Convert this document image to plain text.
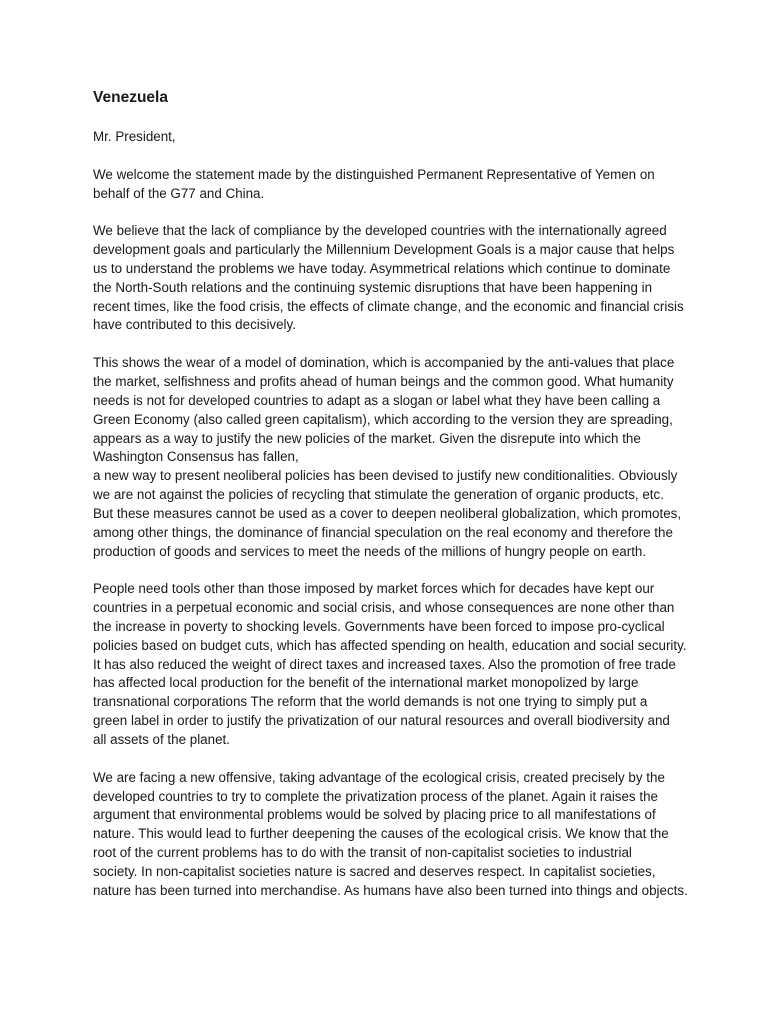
Venezuela
Mr. President,
We welcome the statement made by the distinguished Permanent Representative of Yemen on
behalf of the G77 and China.
We believe that the lack of compliance by the developed countries with the internationally agreed
development goals and particularly the Millennium Development Goals is a major cause that helps
us to understand the problems we have today. Asymmetrical relations which continue to dominate
the North-South relations and the continuing systemic disruptions that have been happening in
recent times, like the food crisis, the effects of climate change, and the economic and financial crisis
have contributed to this decisively.
This shows the wear of a model of domination, which is accompanied by the anti-values that place
the market, selfishness and profits ahead of human beings and the common good. What humanity
needs is not for developed countries to adapt as a slogan or label what they have been calling a
Green Economy (also called green capitalism), which according to the version they are spreading,
appears as a way to justify the new policies of the market. Given the disrepute into which the
Washington Consensus has fallen,
a new way to present neoliberal policies has been devised to justify new conditionalities. Obviously
we are not against the policies of recycling that stimulate the generation of organic products, etc.
But these measures cannot be used as a cover to deepen neoliberal globalization, which promotes,
among other things, the dominance of financial speculation on the real economy and therefore the
production of goods and services to meet the needs of the millions of hungry people on earth.
People need tools other than those imposed by market forces which for decades have kept our
countries in a perpetual economic and social crisis, and whose consequences are none other than
the increase in poverty to shocking levels. Governments have been forced to impose pro-cyclical
policies based on budget cuts, which has affected spending on health, education and social security.
It has also reduced the weight of direct taxes and increased taxes. Also the promotion of free trade
has affected local production for the benefit of the international market monopolized by large
transnational corporations The reform that the world demands is not one trying to simply put a
green label in order to justify the privatization of our natural resources and overall biodiversity and
all assets of the planet.
We are facing a new offensive, taking advantage of the ecological crisis, created precisely by the
developed countries to try to complete the privatization process of the planet. Again it raises the
argument that environmental problems would be solved by placing price to all manifestations of
nature. This would lead to further deepening the causes of the ecological crisis. We know that the
root of the current problems has to do with the transit of non-capitalist societies to industrial
society. In non-capitalist societies nature is sacred and deserves respect. In capitalist societies,
nature has been turned into merchandise. As humans have also been turned into things and objects.
